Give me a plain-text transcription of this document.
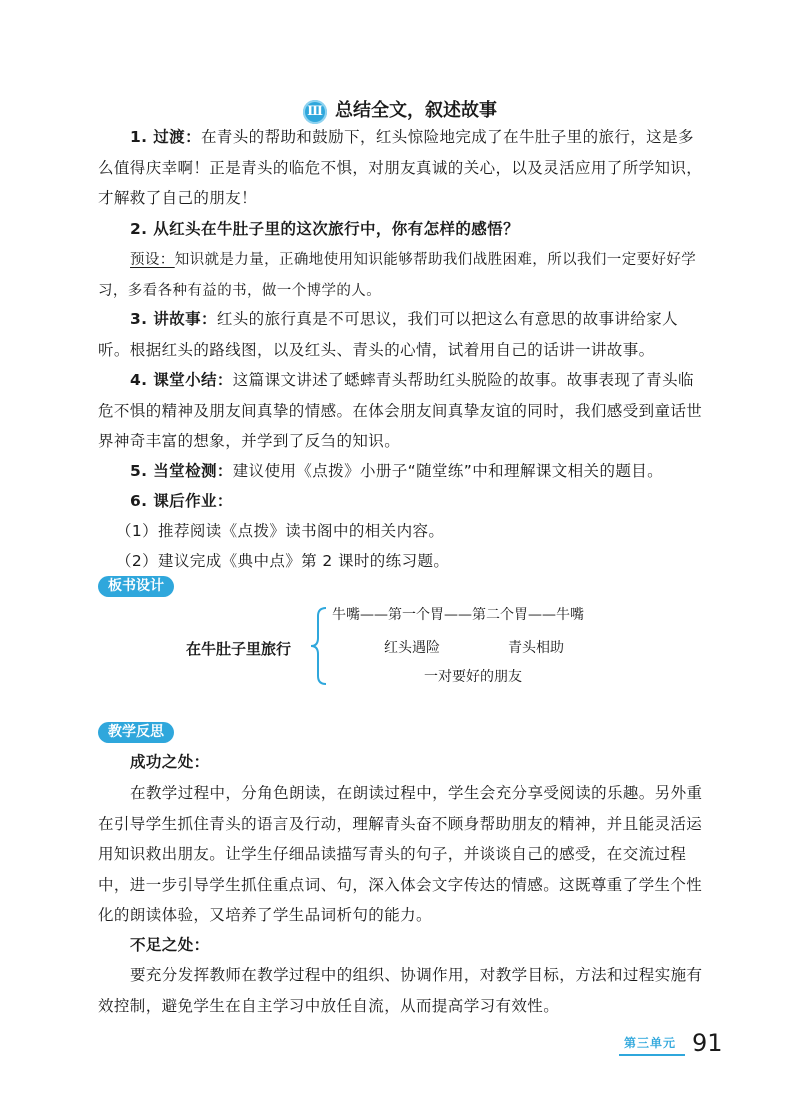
Ⅲ 总结全文，叙述故事
1. 过渡：在青头的帮助和鼓励下，红头惊险地完成了在牛肚子里的旅行，这是多么值得庆幸啊！正是青头的临危不惧，对朋友真诚的关心，以及灵活应用了所学知识，才解救了自己的朋友！
2. 从红头在牛肚子里的这次旅行中，你有怎样的感悟？
预设：知识就是力量，正确地使用知识能够帮助我们战胜困难，所以我们一定要好好学习，多看各种有益的书，做一个博学的人。
3. 讲故事：红头的旅行真是不可思议，我们可以把这么有意思的故事讲给家人听。根据红头的路线图，以及红头、青头的心情，试着用自己的话讲一讲故事。
4. 课堂小结：这篇课文讲述了蟋蟀青头帮助红头脱险的故事。故事表现了青头临危不惧的精神及朋友间真挚的情感。在体会朋友间真挚友谊的同时，我们感受到童话世界神奇丰富的想象，并学到了反刍的知识。
5. 当堂检测：建议使用《点拨》小册子“随堂练”中和理解课文相关的题目。
6. 课后作业：
（1）推荐阅读《点拨》读书阁中的相关内容。
（2）建议完成《典中点》第 2 课时的练习题。
板书设计
在牛肚子里旅行
牛嘴——第一个胃——第二个胃——牛嘴
红头遇险	青头相助
一对要好的朋友
教学反思
成功之处：
在教学过程中，分角色朗读，在朗读过程中，学生会充分享受阅读的乐趣。另外重在引导学生抓住青头的语言及行动，理解青头奋不顾身帮助朋友的精神，并且能灵活运用知识救出朋友。让学生仔细品读描写青头的句子，并谈谈自己的感受，在交流过程中，进一步引导学生抓住重点词、句，深入体会文字传达的情感。这既尊重了学生个性化的朗读体验，又培养了学生品词析句的能力。
不足之处：
要充分发挥教师在教学过程中的组织、协调作用，对教学目标，方法和过程实施有效控制，避免学生在自主学习中放任自流，从而提高学习有效性。
第三单元 91
